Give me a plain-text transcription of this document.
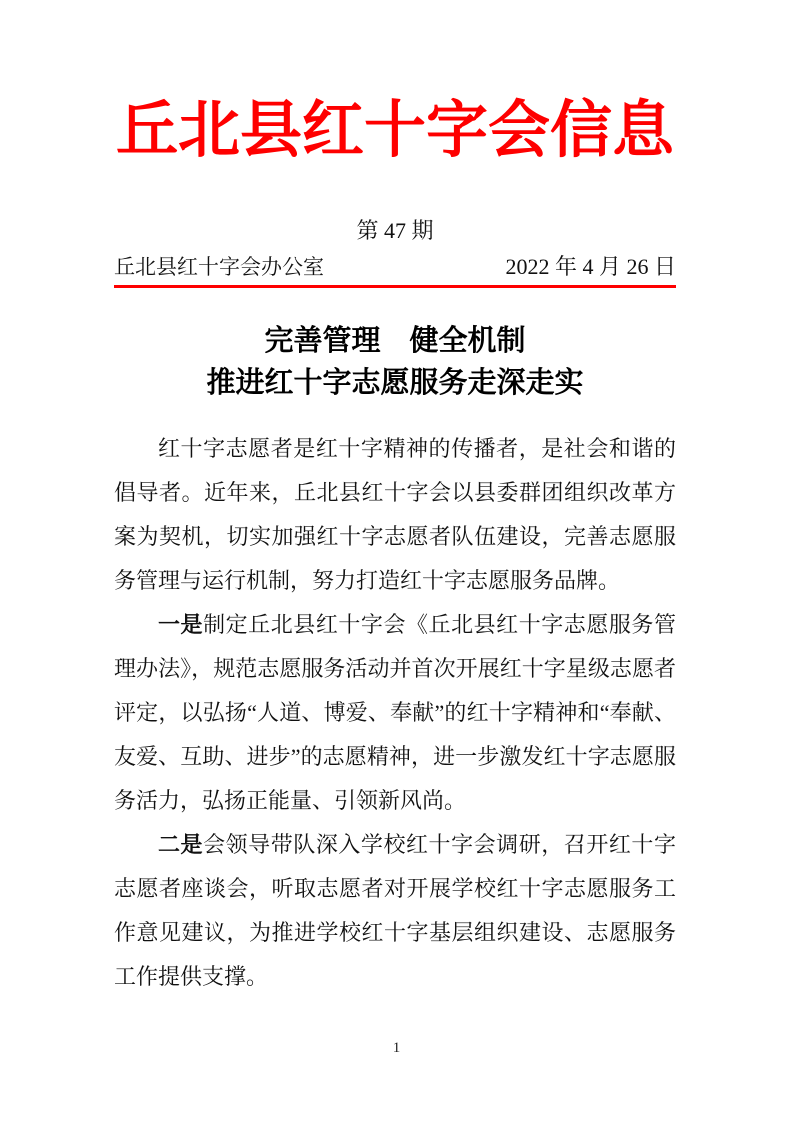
丘北县红十字会信息
第 47 期
丘北县红十字会办公室	2022 年 4 月 26 日
完善管理　健全机制
推进红十字志愿服务走深走实

红十字志愿者是红十字精神的传播者，是社会和谐的倡导者。近年来，丘北县红十字会以县委群团组织改革方案为契机，切实加强红十字志愿者队伍建设，完善志愿服务管理与运行机制，努力打造红十字志愿服务品牌。

一是制定丘北县红十字会《丘北县红十字志愿服务管理办法》，规范志愿服务活动并首次开展红十字星级志愿者评定，以弘扬“人道、博爱、奉献”的红十字精神和“奉献、友爱、互助、进步”的志愿精神，进一步激发红十字志愿服务活力，弘扬正能量、引领新风尚。

二是会领导带队深入学校红十字会调研，召开红十字志愿者座谈会，听取志愿者对开展学校红十字志愿服务工作意见建议，为推进学校红十字基层组织建设、志愿服务工作提供支撑。

1
